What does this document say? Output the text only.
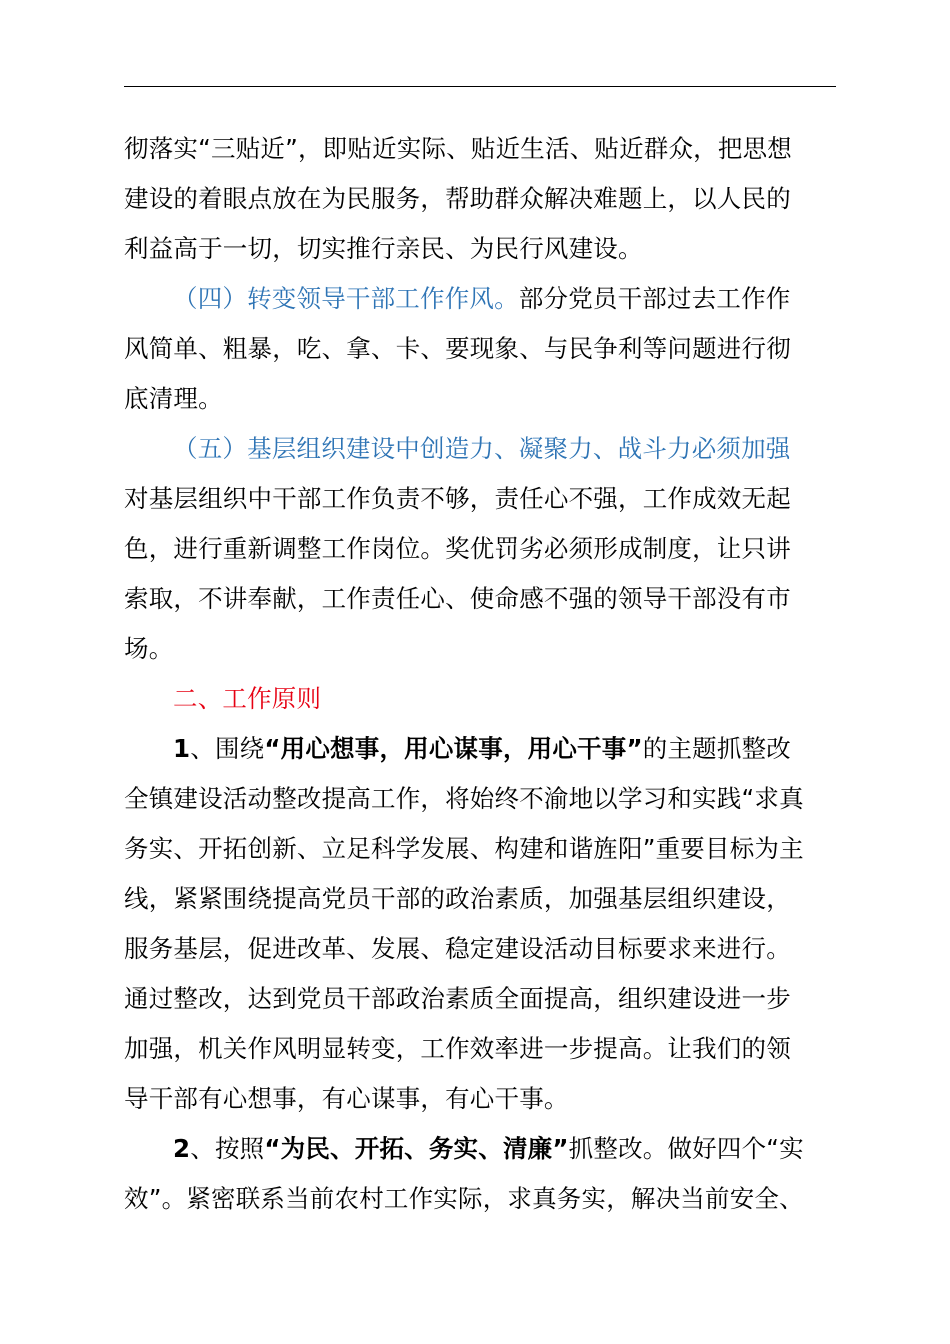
彻落实“三贴近”，即贴近实际、贴近生活、贴近群众，把思想
建设的着眼点放在为民服务，帮助群众解决难题上，以人民的
利益高于一切，切实推行亲民、为民行风建设。
（四）转变领导干部工作作风。部分党员干部过去工作作
风简单、粗暴，吃、拿、卡、要现象、与民争利等问题进行彻
底清理。
（五）基层组织建设中创造力、凝聚力、战斗力必须加强
对基层组织中干部工作负责不够，责任心不强，工作成效无起
色，进行重新调整工作岗位。奖优罚劣必须形成制度，让只讲
索取，不讲奉献，工作责任心、使命感不强的领导干部没有市
场。
二、工作原则
1、围绕“用心想事，用心谋事，用心干事”的主题抓整改
全镇建设活动整改提高工作，将始终不渝地以学习和实践“求真
务实、开拓创新、立足科学发展、构建和谐旌阳”重要目标为主
线，紧紧围绕提高党员干部的政治素质，加强基层组织建设，
服务基层，促进改革、发展、稳定建设活动目标要求来进行。
通过整改，达到党员干部政治素质全面提高，组织建设进一步
加强，机关作风明显转变，工作效率进一步提高。让我们的领
导干部有心想事，有心谋事，有心干事。
2、按照“为民、开拓、务实、清廉”抓整改。做好四个“实
效”。紧密联系当前农村工作实际，求真务实，解决当前安全、
